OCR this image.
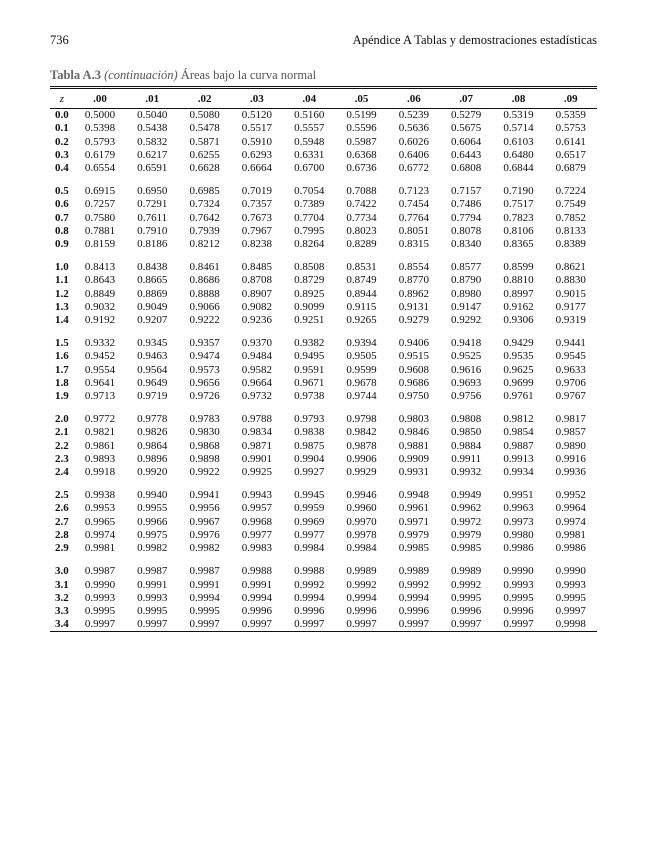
736	Apéndice A Tablas y demostraciones estadísticas
Tabla A.3 (continuación) Áreas bajo la curva normal
z	.00	.01	.02	.03	.04	.05	.06	.07	.08	.09
0.0	0.5000	0.5040	0.5080	0.5120	0.5160	0.5199	0.5239	0.5279	0.5319	0.5359
0.1	0.5398	0.5438	0.5478	0.5517	0.5557	0.5596	0.5636	0.5675	0.5714	0.5753
0.2	0.5793	0.5832	0.5871	0.5910	0.5948	0.5987	0.6026	0.6064	0.6103	0.6141
0.3	0.6179	0.6217	0.6255	0.6293	0.6331	0.6368	0.6406	0.6443	0.6480	0.6517
0.4	0.6554	0.6591	0.6628	0.6664	0.6700	0.6736	0.6772	0.6808	0.6844	0.6879
0.5	0.6915	0.6950	0.6985	0.7019	0.7054	0.7088	0.7123	0.7157	0.7190	0.7224
0.6	0.7257	0.7291	0.7324	0.7357	0.7389	0.7422	0.7454	0.7486	0.7517	0.7549
0.7	0.7580	0.7611	0.7642	0.7673	0.7704	0.7734	0.7764	0.7794	0.7823	0.7852
0.8	0.7881	0.7910	0.7939	0.7967	0.7995	0.8023	0.8051	0.8078	0.8106	0.8133
0.9	0.8159	0.8186	0.8212	0.8238	0.8264	0.8289	0.8315	0.8340	0.8365	0.8389
1.0	0.8413	0.8438	0.8461	0.8485	0.8508	0.8531	0.8554	0.8577	0.8599	0.8621
1.1	0.8643	0.8665	0.8686	0.8708	0.8729	0.8749	0.8770	0.8790	0.8810	0.8830
1.2	0.8849	0.8869	0.8888	0.8907	0.8925	0.8944	0.8962	0.8980	0.8997	0.9015
1.3	0.9032	0.9049	0.9066	0.9082	0.9099	0.9115	0.9131	0.9147	0.9162	0.9177
1.4	0.9192	0.9207	0.9222	0.9236	0.9251	0.9265	0.9279	0.9292	0.9306	0.9319
1.5	0.9332	0.9345	0.9357	0.9370	0.9382	0.9394	0.9406	0.9418	0.9429	0.9441
1.6	0.9452	0.9463	0.9474	0.9484	0.9495	0.9505	0.9515	0.9525	0.9535	0.9545
1.7	0.9554	0.9564	0.9573	0.9582	0.9591	0.9599	0.9608	0.9616	0.9625	0.9633
1.8	0.9641	0.9649	0.9656	0.9664	0.9671	0.9678	0.9686	0.9693	0.9699	0.9706
1.9	0.9713	0.9719	0.9726	0.9732	0.9738	0.9744	0.9750	0.9756	0.9761	0.9767
2.0	0.9772	0.9778	0.9783	0.9788	0.9793	0.9798	0.9803	0.9808	0.9812	0.9817
2.1	0.9821	0.9826	0.9830	0.9834	0.9838	0.9842	0.9846	0.9850	0.9854	0.9857
2.2	0.9861	0.9864	0.9868	0.9871	0.9875	0.9878	0.9881	0.9884	0.9887	0.9890
2.3	0.9893	0.9896	0.9898	0.9901	0.9904	0.9906	0.9909	0.9911	0.9913	0.9916
2.4	0.9918	0.9920	0.9922	0.9925	0.9927	0.9929	0.9931	0.9932	0.9934	0.9936
2.5	0.9938	0.9940	0.9941	0.9943	0.9945	0.9946	0.9948	0.9949	0.9951	0.9952
2.6	0.9953	0.9955	0.9956	0.9957	0.9959	0.9960	0.9961	0.9962	0.9963	0.9964
2.7	0.9965	0.9966	0.9967	0.9968	0.9969	0.9970	0.9971	0.9972	0.9973	0.9974
2.8	0.9974	0.9975	0.9976	0.9977	0.9977	0.9978	0.9979	0.9979	0.9980	0.9981
2.9	0.9981	0.9982	0.9982	0.9983	0.9984	0.9984	0.9985	0.9985	0.9986	0.9986
3.0	0.9987	0.9987	0.9987	0.9988	0.9988	0.9989	0.9989	0.9989	0.9990	0.9990
3.1	0.9990	0.9991	0.9991	0.9991	0.9992	0.9992	0.9992	0.9992	0.9993	0.9993
3.2	0.9993	0.9993	0.9994	0.9994	0.9994	0.9994	0.9994	0.9995	0.9995	0.9995
3.3	0.9995	0.9995	0.9995	0.9996	0.9996	0.9996	0.9996	0.9996	0.9996	0.9997
3.4	0.9997	0.9997	0.9997	0.9997	0.9997	0.9997	0.9997	0.9997	0.9997	0.9998
